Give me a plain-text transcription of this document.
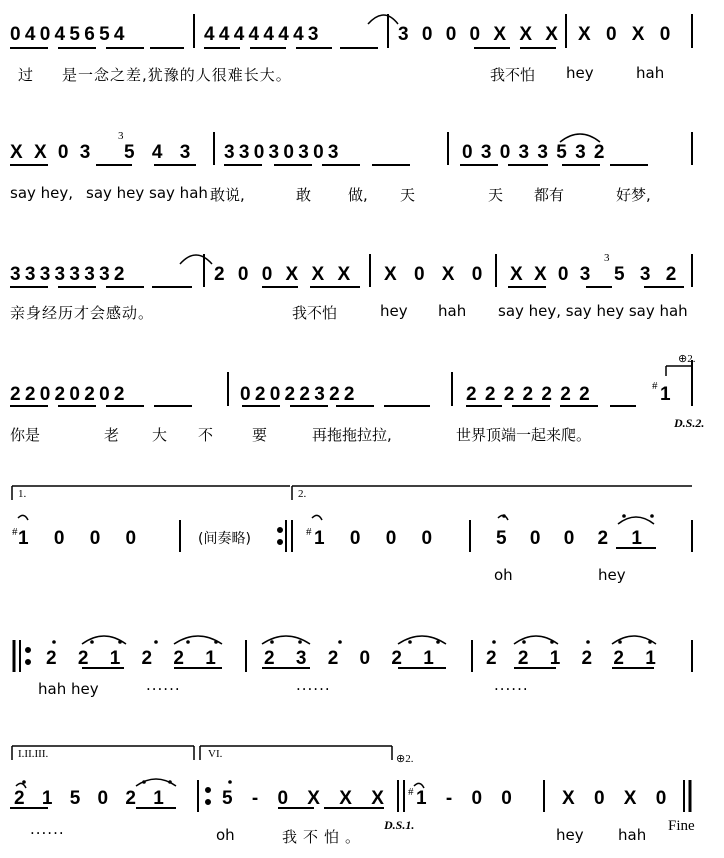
0 4 0 4 5 6 5 4	4 4 4 4 4 4 4 3	3 0 0 0 X X X X 0 X 0
过 是一念之差,犹豫的人很难长大。	我不怕 hey	hah
X X 0 3
3
5 4 3 3 3 0 3 0 3 0 3	0 3 0 3 3 5 3 2
say hey, say hey say hah 敢说,	敢 做, 天	天 都有	好梦,
3 3 3 3 3 3 3 2	2 0 0 X X X X 0 X 0 X X 0 3
3
5 3 2
亲身经历才会感动。	我不怕	hey hah say hey, say hey say hah
2 2 0 2 0 2 0 2	0 2 0 2 2 3 2 2	2 2 2 2 2 2 2	# 1
⊕2.
你是	老 大 不	要	再拖拖拉拉,	世界顶端一起来爬。
D.S.2.
1.	2.
# 1 0 0 0	(间奏略)	# 1 0 0 0	5 0 0 2 1
oh	hey
2 2 1 2 2 1	2 3 2 0 2 1	2 2 1 2 2 1
hah hey	......	......	......
I.II.III.	VI.	⊕2.
2 1 5 0 2 1	5 - 0 X X X # 1 - 0 0	X 0 X 0
......	oh	我不怕。
D.S.1.
hey hah Fine
